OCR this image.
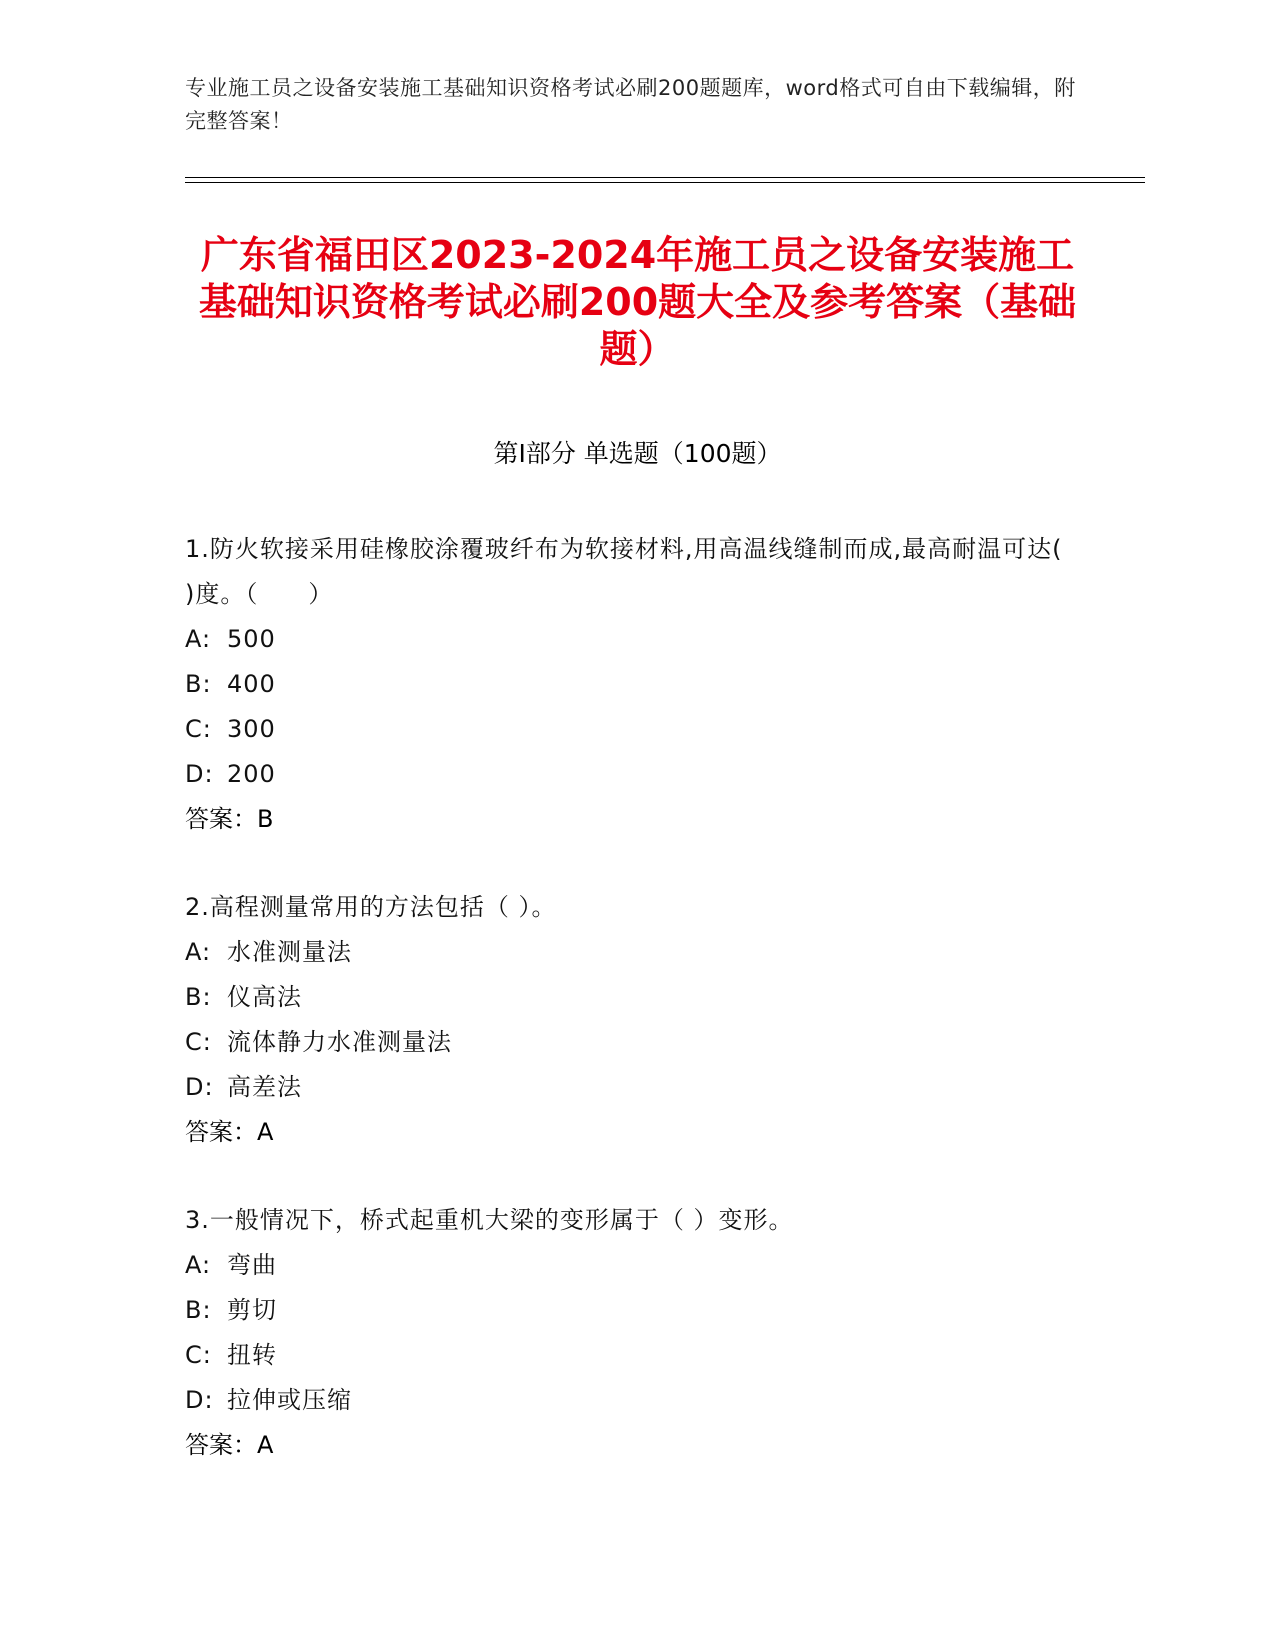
专业施工员之设备安装施工基础知识资格考试必刷200题题库，word格式可自由下载编辑，附完整答案！
广东省福田区2023-2024年施工员之设备安装施工基础知识资格考试必刷200题大全及参考答案（基础题）
第Ⅰ部分 单选题（100题）
1.防火软接采用硅橡胶涂覆玻纤布为软接材料,用高温线缝制而成,最高耐温可达( )度。（　　）
A: 500
B: 400
C: 300
D: 200
答案：B
2.高程测量常用的方法包括（ ）。
A: 水准测量法
B: 仪高法
C: 流体静力水准测量法
D: 高差法
答案：A
3.一般情况下，桥式起重机大梁的变形属于（ ）变形。
A: 弯曲
B: 剪切
C: 扭转
D: 拉伸或压缩
答案：A
